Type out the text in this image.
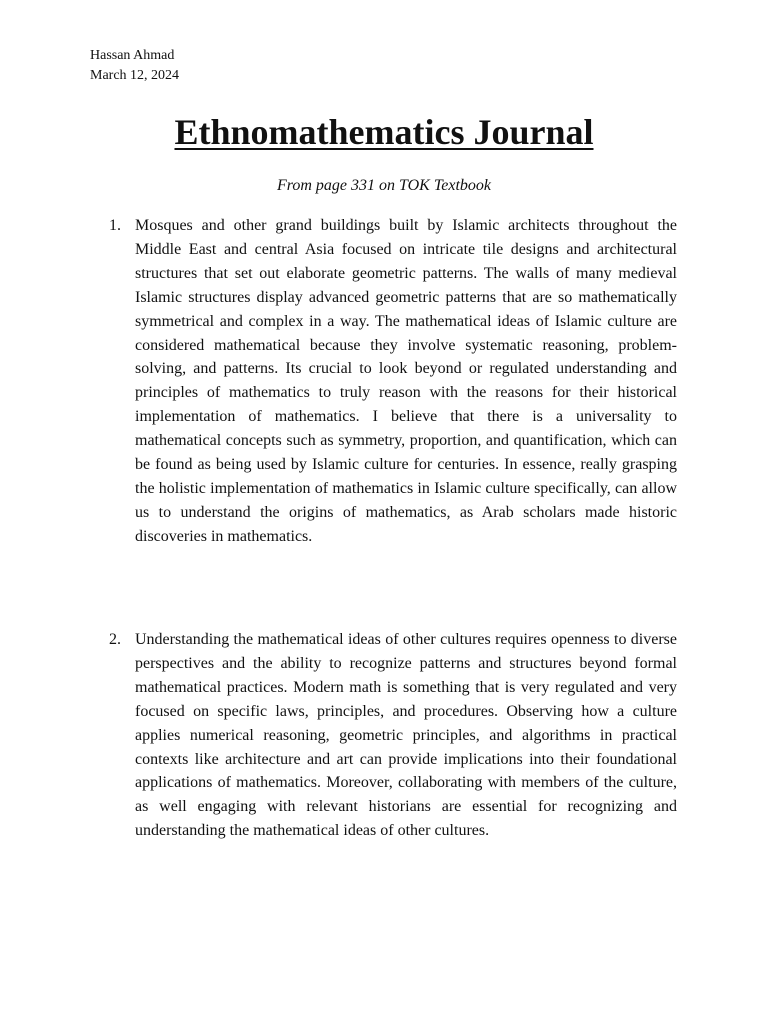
Hassan Ahmad
March 12, 2024
Ethnomathematics Journal
From page 331 on TOK Textbook
1. Mosques and other grand buildings built by Islamic architects throughout the Middle East and central Asia focused on intricate tile designs and architectural structures that set out elaborate geometric patterns. The walls of many medieval Islamic structures display advanced geometric patterns that are so mathematically symmetrical and complex in a way. The mathematical ideas of Islamic culture are considered mathematical because they involve systematic reasoning, problem-solving, and patterns. Its crucial to look beyond or regulated understanding and principles of mathematics to truly reason with the reasons for their historical implementation of mathematics. I believe that there is a universality to mathematical concepts such as symmetry, proportion, and quantification, which can be found as being used by Islamic culture for centuries. In essence, really grasping the holistic implementation of mathematics in Islamic culture specifically, can allow us to understand the origins of mathematics, as Arab scholars made historic discoveries in mathematics.
2. Understanding the mathematical ideas of other cultures requires openness to diverse perspectives and the ability to recognize patterns and structures beyond formal mathematical practices. Modern math is something that is very regulated and very focused on specific laws, principles, and procedures. Observing how a culture applies numerical reasoning, geometric principles, and algorithms in practical contexts like architecture and art can provide implications into their foundational applications of mathematics. Moreover, collaborating with members of the culture, as well engaging with relevant historians are essential for recognizing and understanding the mathematical ideas of other cultures.
